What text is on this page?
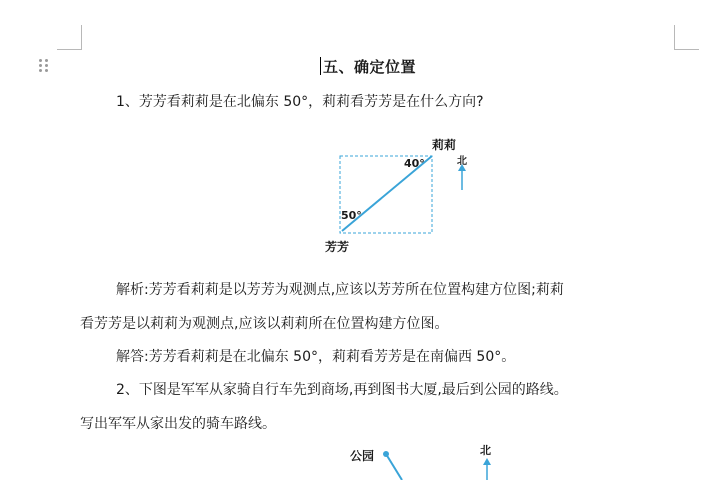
五、确定位置
1、芳芳看莉莉是在北偏东 50°，莉莉看芳芳是在什么方向?
莉莉
40°
50°
芳芳
北
解析:芳芳看莉莉是以芳芳为观测点,应该以芳芳所在位置构建方位图;莉莉
看芳芳是以莉莉为观测点,应该以莉莉所在位置构建方位图。
解答:芳芳看莉莉是在北偏东 50°，莉莉看芳芳是在南偏西 50°。
2、下图是军军从家骑自行车先到商场,再到图书大厦,最后到公园的路线。
写出军军从家出发的骑车路线。
公园	北
